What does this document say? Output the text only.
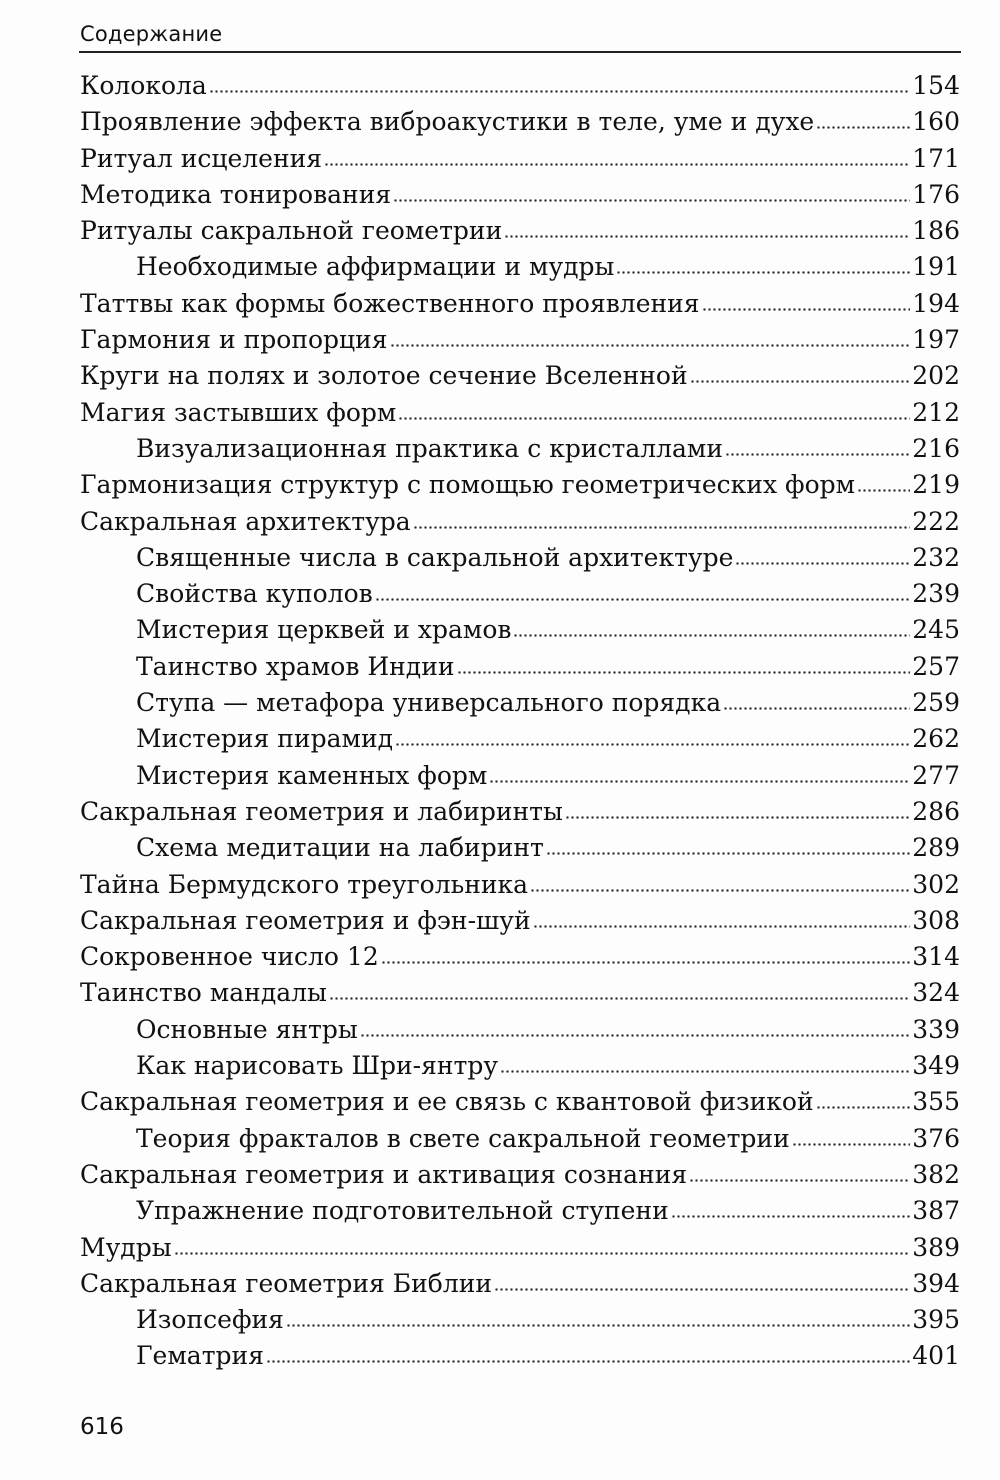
Содержание
Колокола	154
Проявление эффекта виброакустики в теле, уме и духе	160
Ритуал исцеления	171
Методика тонирования	176
Ритуалы сакральной геометрии	186
Необходимые аффирмации и мудры	191
Таттвы как формы божественного проявления	194
Гармония и пропорция	197
Круги на полях и золотое сечение Вселенной	202
Магия застывших форм	212
Визуализационная практика с кристаллами	216
Гармонизация структур с помощью геометрических форм 219
Сакральная архитектура	222
Священные числа в сакральной архитектуре	232
Свойства куполов	239
Мистерия церквей и храмов	245
Таинство храмов Индии	257
Ступа — метафора универсального порядка	259
Мистерия пирамид	262
Мистерия каменных форм	277
Сакральная геометрия и лабиринты	286
Схема медитации на лабиринт	289
Тайна Бермудского треугольника	302
Сакральная геометрия и фэн-шуй	308
Сокровенное число 12	314
Таинство мандалы	324
Основные янтры	339
Как нарисовать Шри-янтру	349
Сакральная геометрия и ее связь с квантовой физикой	355
Теория фракталов в свете сакральной геометрии	376
Сакральная геометрия и активация сознания	382
Упражнение подготовительной ступени	387
Мудры	389
Сакральная геометрия Библии	394
Изопсефия	395
Гематрия	401
616
